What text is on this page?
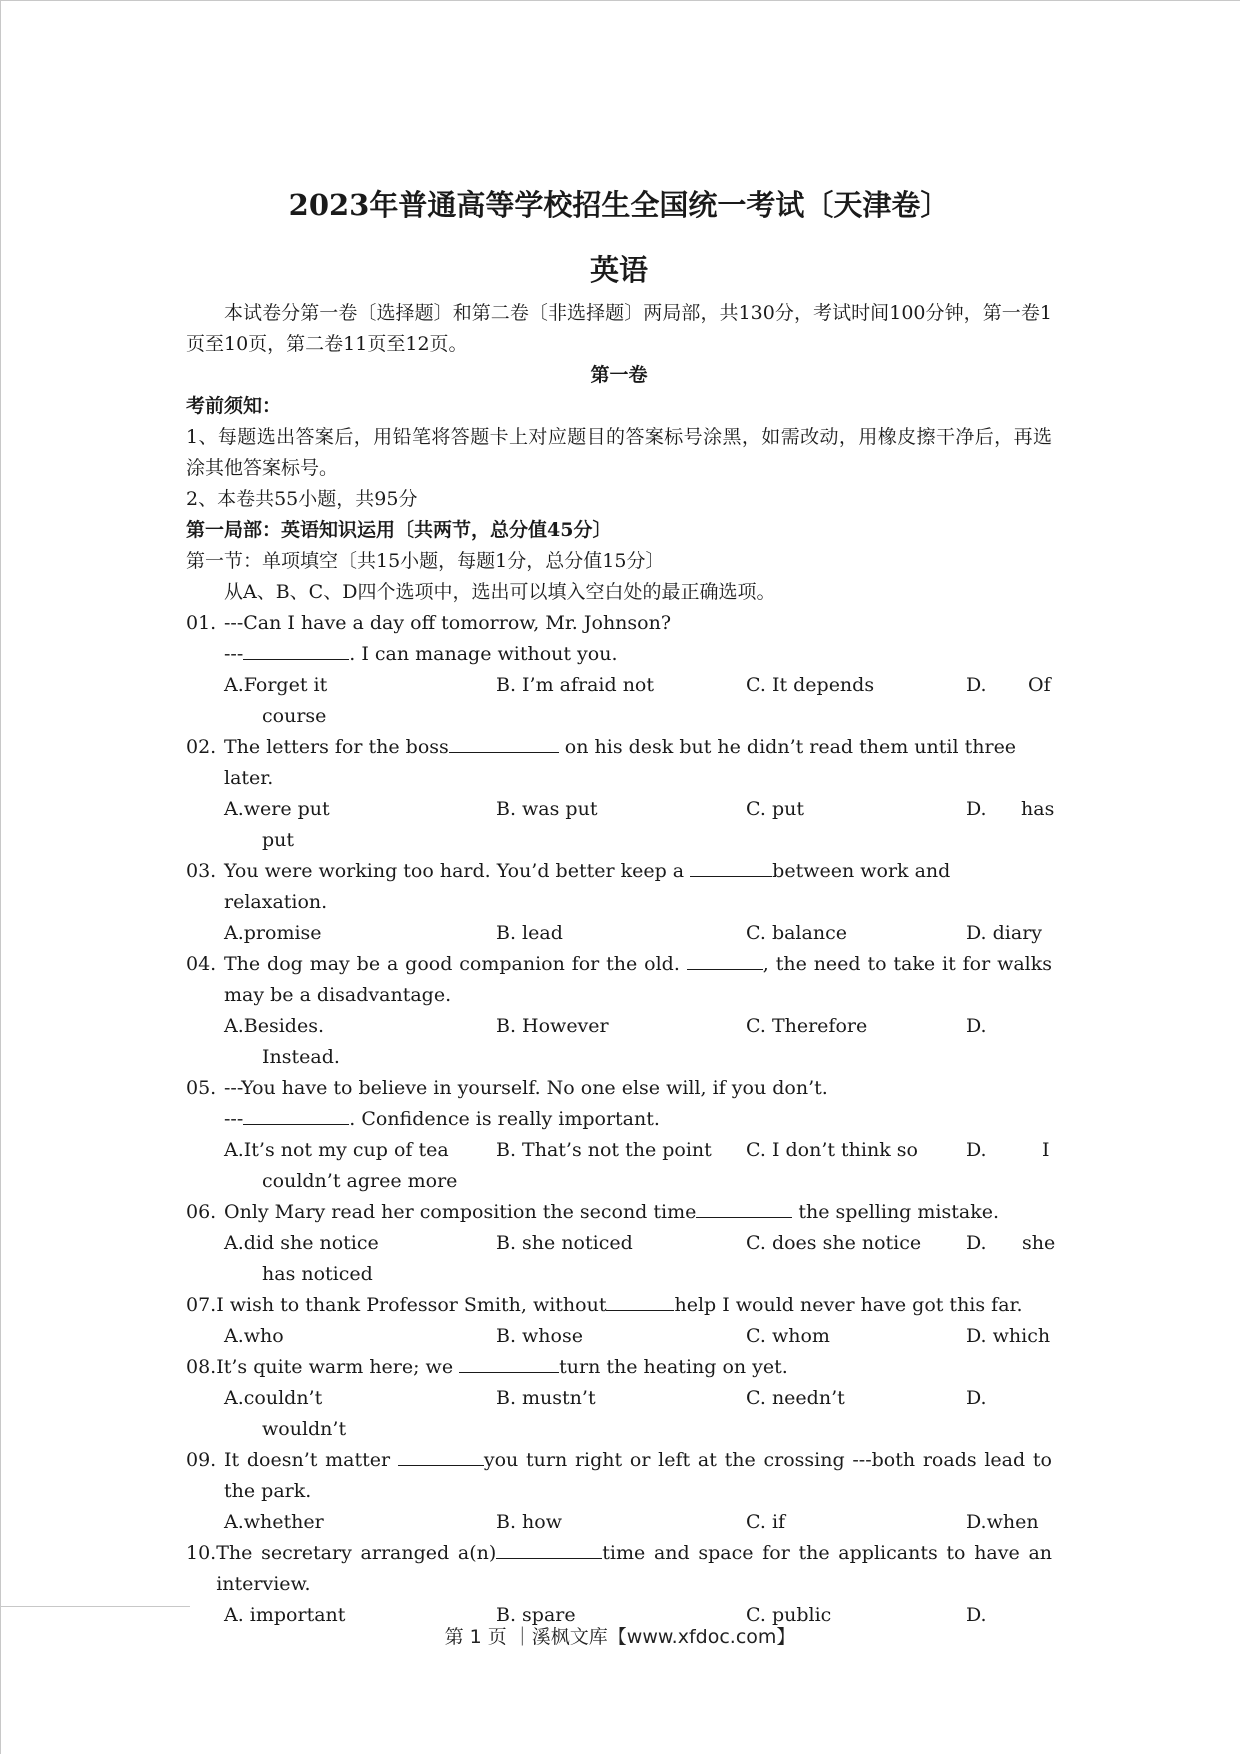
2023年普通高等学校招生全国统一考试〔天津卷〕
英语
本试卷分第一卷〔选择题〕和第二卷〔非选择题〕两局部，共130分，考试时间100分钟，第一卷1页至10页，第二卷11页至12页。
第一卷
考前须知：
1、每题选出答案后，用铅笔将答题卡上对应题目的答案标号涂黑，如需改动，用橡皮擦干净后，再选涂其他答案标号。
2、本卷共55小题，共95分
第一局部：英语知识运用〔共两节，总分值45分〕
第一节：单项填空〔共15小题，每题1分，总分值15分〕
从A、B、C、D四个选项中，选出可以填入空白处的最正确选项。
01. ---Can I have a day off tomorrow, Mr. Johnson?
---	. I can manage without you.
A.Forget it	B. I’m afraid not	C. It depends	D. Of
course
02. The letters for the boss	on his desk but he didn’t read them until three later.
A.were put	B. was put	C. put	D. has
put
03. You were working too hard. You’d better keep a	between work and relaxation.
A.promise	B. lead	C. balance	D. diary
04. The dog may be a good companion for the old.	, the need to take it for walks may be a disadvantage.
A.Besides.	B. However	C. Therefore	D.
Instead.
05. ---You have to believe in yourself. No one else will, if you don’t.
---	. Confidence is really important.
A.It’s not my cup of tea B. That’s not the point C. I don’t think so	D.	I
couldn’t agree more
06. Only Mary read her composition the second time	the spelling mistake.
A.did she notice	B. she noticed	C. does she notice D. she
has noticed
07. I wish to thank Professor Smith, without	help I would never have got this far.
A.who	B. whose	C. whom	D. which
08. It’s quite warm here; we	turn the heating on yet.
A.couldn’t	B. mustn’t	C. needn’t	D.
wouldn’t
09. It doesn’t matter	you turn right or left at the crossing ---both roads lead to the park.
A.whether	B. how	C. if	D.when
10. The secretary arranged a(n)	time and space for the applicants to have an interview.
A. important	B. spare	C. public	D.
第 1 页 ｜溪枫文库【www.xfdoc.com】
